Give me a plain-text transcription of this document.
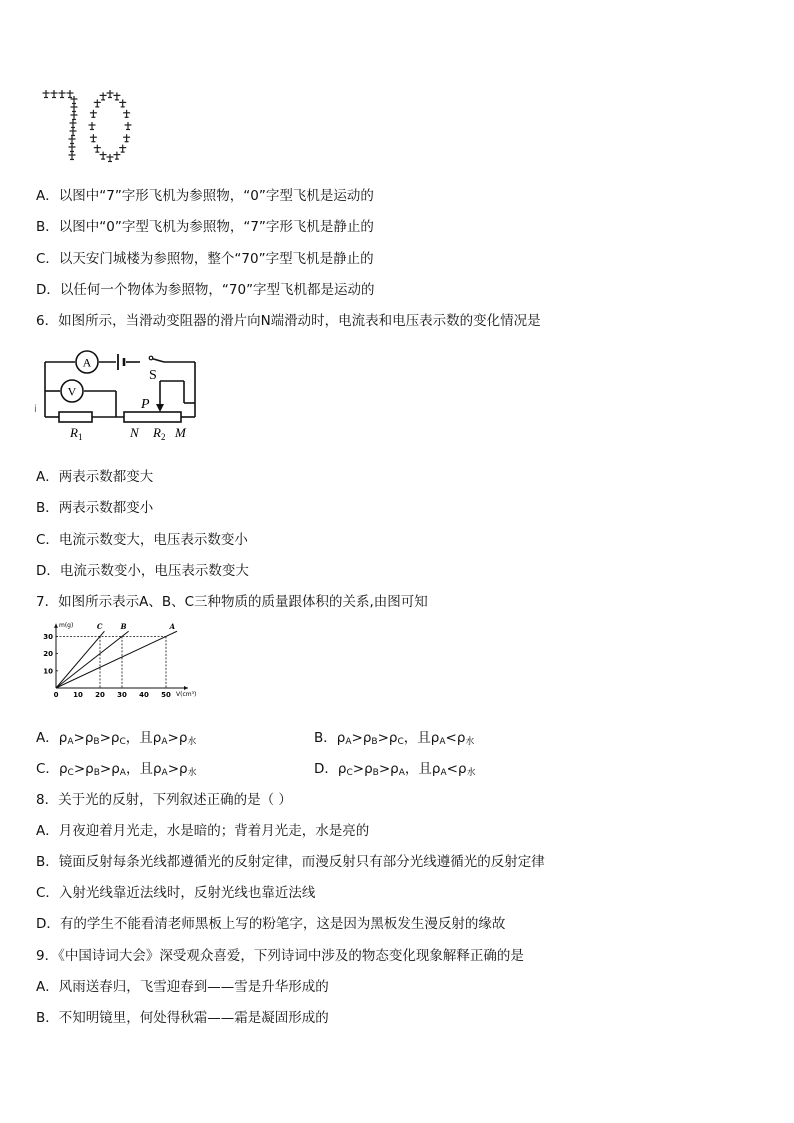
A．以图中“7”字形飞机为参照物，“0”字型飞机是运动的
B．以图中“0”字型飞机为参照物，“7”字形飞机是静止的
C．以天安门城楼为参照物，整个“70”字型飞机是静止的
D．以任何一个物体为参照物，“70”字型飞机都是运动的
6．如图所示，当滑动变阻器的滑片向N端滑动时，电流表和电压表示数的变化情况是
A
V
S
P
$R_1$	N $R_2$ M
i
A．两表示数都变大
B．两表示数都变小
C．电流示数变大，电压表示数变小
D．电流示数变小，电压表示数变大
7．如图所示表示A、B、C三种物质的质量跟体积的关系,由图可知
m(g)
V(cm³)
0 10 20 30 40 50
10
20
30
C	B	A
A．$\rho_A>\rho_B>\rho_C$，且$\rho_A>\rho_水$	B．$\rho_A>\rho_B>\rho_C$，且$\rho_A<\rho_水$
C．$\rho_C>\rho_B>\rho_A$，且$\rho_A>\rho_水$	D．$\rho_C>\rho_B>\rho_A$，且$\rho_A<\rho_水$
8．关于光的反射，下列叙述正确的是（ ）
A．月夜迎着月光走，水是暗的；背着月光走，水是亮的
B．镜面反射每条光线都遵循光的反射定律，而漫反射只有部分光线遵循光的反射定律
C．入射光线靠近法线时，反射光线也靠近法线
D．有的学生不能看清老师黑板上写的粉笔字，这是因为黑板发生漫反射的缘故
9．《中国诗词大会》深受观众喜爱，下列诗词中涉及的物态变化现象解释正确的是
A．风雨送春归，飞雪迎春到——雪是升华形成的
B．不知明镜里，何处得秋霜——霜是凝固形成的
